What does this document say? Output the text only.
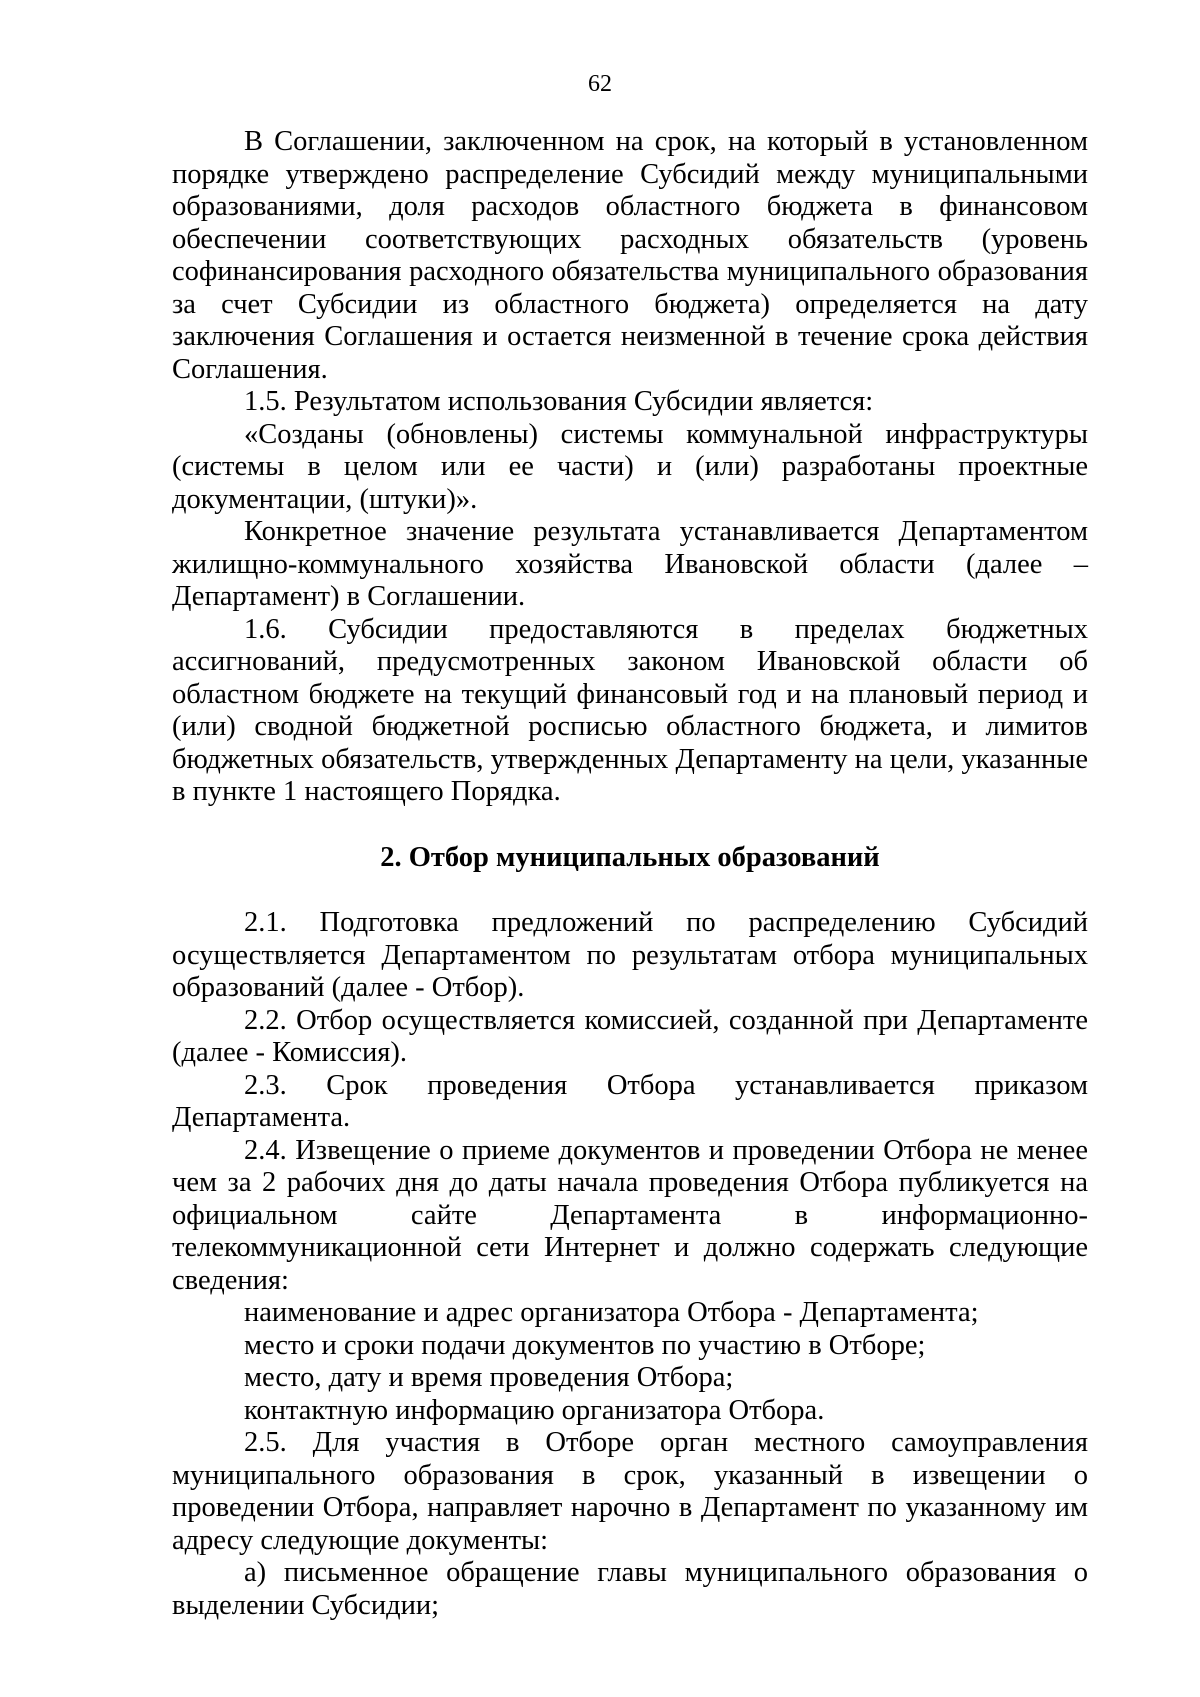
62

В Соглашении, заключенном на срок, на который в установленном порядке утверждено распределение Субсидий между муниципальными образованиями, доля расходов областного бюджета в финансовом обеспечении соответствующих расходных обязательств (уровень софинансирования расходного обязательства муниципального образования за счет Субсидии из областного бюджета) определяется на дату заключения Соглашения и остается неизменной в течение срока действия Соглашения.

1.5. Результатом использования Субсидии является:

«Созданы (обновлены) системы коммунальной инфраструктуры (системы в целом или ее части) и (или) разработаны проектные документации, (штуки)».

Конкретное значение результата устанавливается Департаментом жилищно-коммунального хозяйства Ивановской области (далее – Департамент) в Соглашении.

1.6. Субсидии предоставляются в пределах бюджетных ассигнований, предусмотренных законом Ивановской области об областном бюджете на текущий финансовый год и на плановый период и (или) сводной бюджетной росписью областного бюджета, и лимитов бюджетных обязательств, утвержденных Департаменту на цели, указанные в пункте 1 настоящего Порядка.

2. Отбор муниципальных образований

2.1. Подготовка предложений по распределению Субсидий осуществляется Департаментом по результатам отбора муниципальных образований (далее - Отбор).

2.2. Отбор осуществляется комиссией, созданной при Департаменте (далее - Комиссия).

2.3. Срок проведения Отбора устанавливается приказом Департамента.

2.4. Извещение о приеме документов и проведении Отбора не менее чем за 2 рабочих дня до даты начала проведения Отбора публикуется на официальном сайте Департамента в информационно-телекоммуникационной сети Интернет и должно содержать следующие сведения:

наименование и адрес организатора Отбора - Департамента;

место и сроки подачи документов по участию в Отборе;

место, дату и время проведения Отбора;

контактную информацию организатора Отбора.

2.5. Для участия в Отборе орган местного самоуправления муниципального образования в срок, указанный в извещении о проведении Отбора, направляет нарочно в Департамент по указанному им адресу следующие документы:

а) письменное обращение главы муниципального образования о выделении Субсидии;
